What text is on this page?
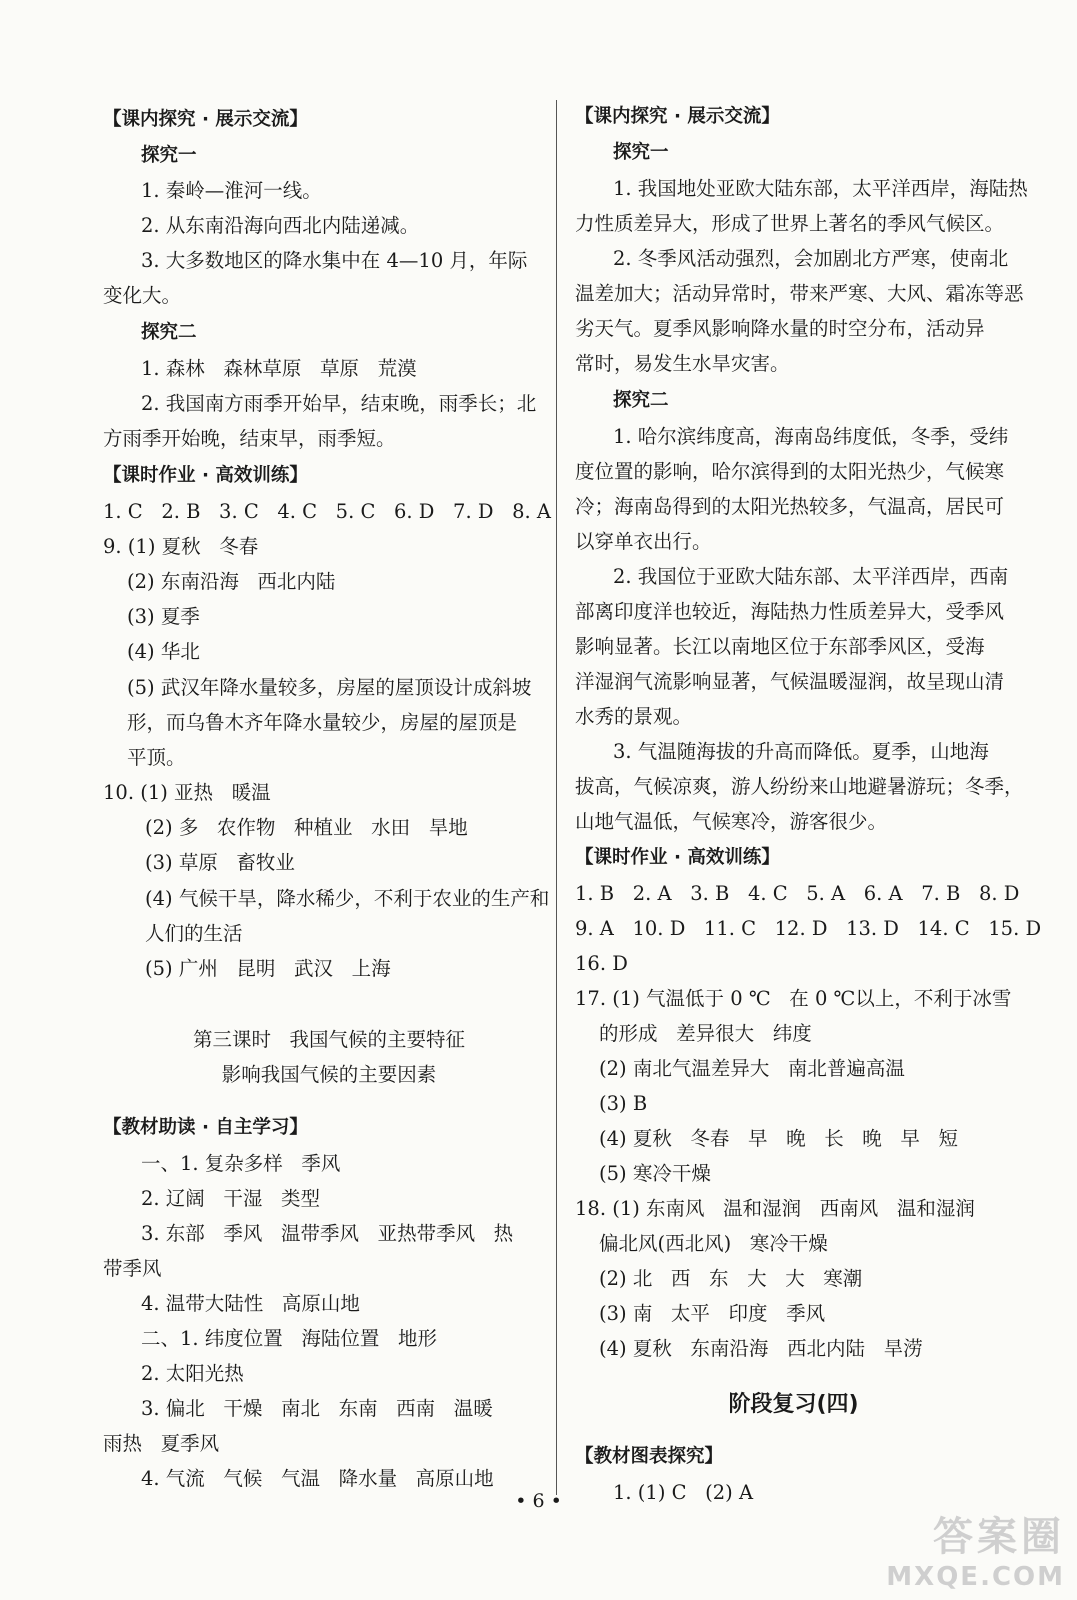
【课内探究 · 展示交流】
探究一
1. 秦岭—淮河一线。
2. 从东南沿海向西北内陆递减。
3. 大多数地区的降水集中在 4—10 月，年际
变化大。
探究二
1. 森林   森林草原   草原   荒漠
2. 我国南方雨季开始早，结束晚，雨季长；北
方雨季开始晚，结束早，雨季短。
【课时作业 · 高效训练】
1. C   2. B   3. C   4. C   5. C   6. D   7. D   8. A
9. (1) 夏秋   冬春
(2) 东南沿海   西北内陆
(3) 夏季
(4) 华北
(5) 武汉年降水量较多，房屋的屋顶设计成斜坡
形，而乌鲁木齐年降水量较少，房屋的屋顶是
平顶。
10. (1) 亚热   暖温
(2) 多   农作物   种植业   水田   旱地
(3) 草原   畜牧业
(4) 气候干旱，降水稀少，不利于农业的生产和
人们的生活
(5) 广州   昆明   武汉   上海
第三课时   我国气候的主要特征
影响我国气候的主要因素
【教材助读 · 自主学习】
一、1. 复杂多样   季风
2. 辽阔   干湿   类型
3. 东部   季风   温带季风   亚热带季风   热
带季风
4. 温带大陆性   高原山地
二、1. 纬度位置   海陆位置   地形
2. 太阳光热
3. 偏北   干燥   南北   东南   西南   温暖
雨热   夏季风
4. 气流   气候   气温   降水量   高原山地
【课内探究 · 展示交流】
探究一
1. 我国地处亚欧大陆东部，太平洋西岸，海陆热
力性质差异大，形成了世界上著名的季风气候区。
2. 冬季风活动强烈，会加剧北方严寒，使南北
温差加大；活动异常时，带来严寒、大风、霜冻等恶
劣天气。夏季风影响降水量的时空分布，活动异
常时，易发生水旱灾害。
探究二
1. 哈尔滨纬度高，海南岛纬度低，冬季，受纬
度位置的影响，哈尔滨得到的太阳光热少，气候寒
冷；海南岛得到的太阳光热较多，气温高，居民可
以穿单衣出行。
2. 我国位于亚欧大陆东部、太平洋西岸，西南
部离印度洋也较近，海陆热力性质差异大，受季风
影响显著。长江以南地区位于东部季风区，受海
洋湿润气流影响显著，气候温暖湿润，故呈现山清
水秀的景观。
3. 气温随海拔的升高而降低。夏季，山地海
拔高，气候凉爽，游人纷纷来山地避暑游玩；冬季，
山地气温低，气候寒冷，游客很少。
【课时作业 · 高效训练】
1. B   2. A   3. B   4. C   5. A   6. A   7. B   8. D
9. A   10. D   11. C   12. D   13. D   14. C   15. D
16. D
17. (1) 气温低于 0 ℃   在 0 ℃以上，不利于冰雪
的形成   差异很大   纬度
(2) 南北气温差异大   南北普遍高温
(3) B
(4) 夏秋   冬春   早   晚   长   晚   早   短
(5) 寒冷干燥
18. (1) 东南风   温和湿润   西南风   温和湿润
偏北风(西北风)   寒冷干燥
(2) 北   西   东   大   大   寒潮
(3) 南   太平   印度   季风
(4) 夏秋   东南沿海   西北内陆   旱涝
阶段复习(四)
【教材图表探究】
1. (1) C   (2) A
• 6 •
答案圈
MXQE.COM
